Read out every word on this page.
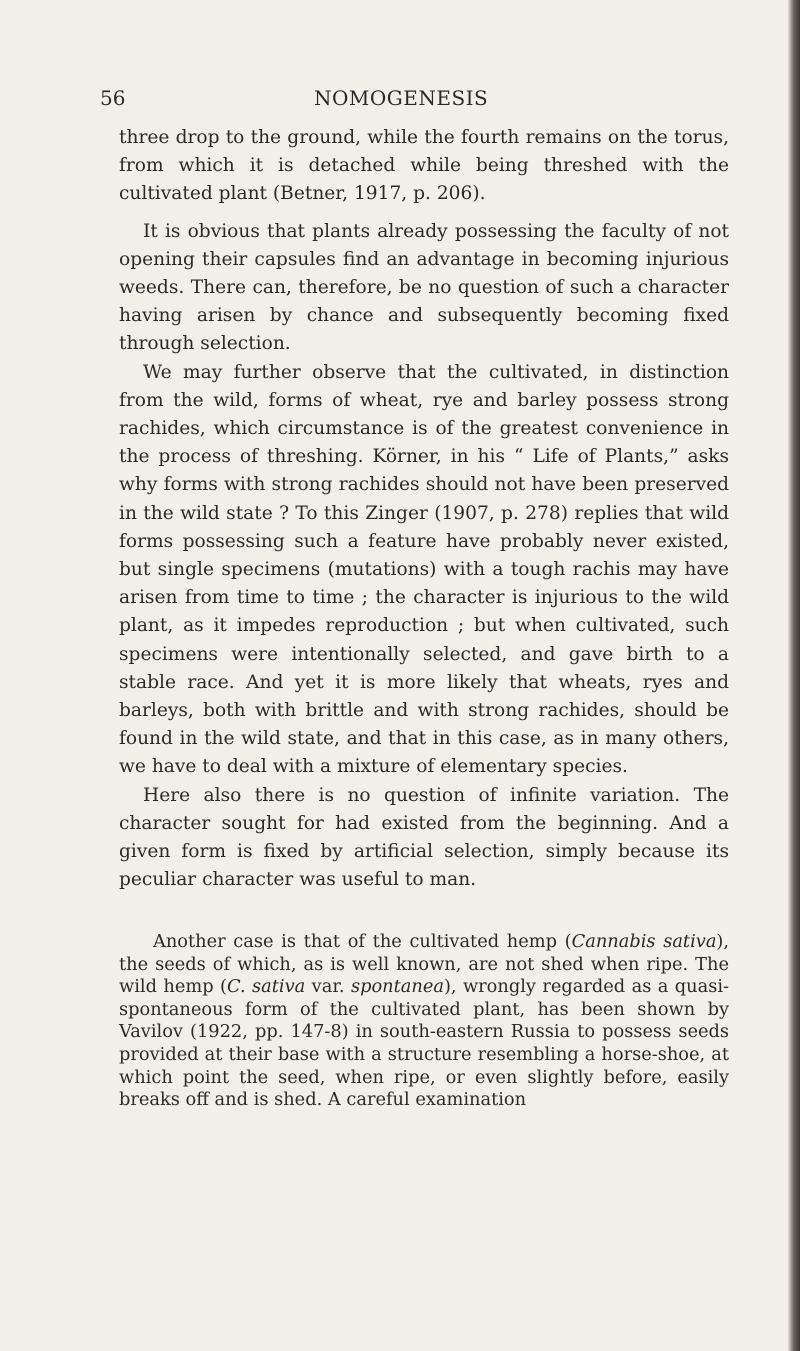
56	NOMOGENESIS

three drop to the ground, while the fourth remains on the torus, from which it is detached while being threshed with the cultivated plant (Betner, 1917, p. 206).

It is obvious that plants already possessing the faculty of not opening their capsules find an advantage in becoming injurious weeds. There can, therefore, be no question of such a character having arisen by chance and subsequently becoming fixed through selection.

We may further observe that the cultivated, in distinction from the wild, forms of wheat, rye and barley possess strong rachides, which circumstance is of the greatest convenience in the process of threshing. Körner, in his “ Life of Plants,” asks why forms with strong rachides should not have been preserved in the wild state ? To this Zinger (1907, p. 278) replies that wild forms possessing such a feature have probably never existed, but single specimens (mutations) with a tough rachis may have arisen from time to time ; the character is injurious to the wild plant, as it impedes reproduction ; but when cultivated, such specimens were intentionally selected, and gave birth to a stable race. And yet it is more likely that wheats, ryes and barleys, both with brittle and with strong rachides, should be found in the wild state, and that in this case, as in many others, we have to deal with a mixture of elementary species.

Here also there is no question of infinite variation. The character sought for had existed from the beginning. And a given form is fixed by artificial selection, simply because its peculiar character was useful to man.

Another case is that of the cultivated hemp (Cannabis sativa), the seeds of which, as is well known, are not shed when ripe. The wild hemp (C. sativa var. spontanea), wrongly regarded as a quasi-spontaneous form of the cultivated plant, has been shown by Vavilov (1922, pp. 147-8) in south-eastern Russia to possess seeds provided at their base with a structure resembling a horse-shoe, at which point the seed, when ripe, or even slightly before, easily breaks off and is shed. A careful examination
